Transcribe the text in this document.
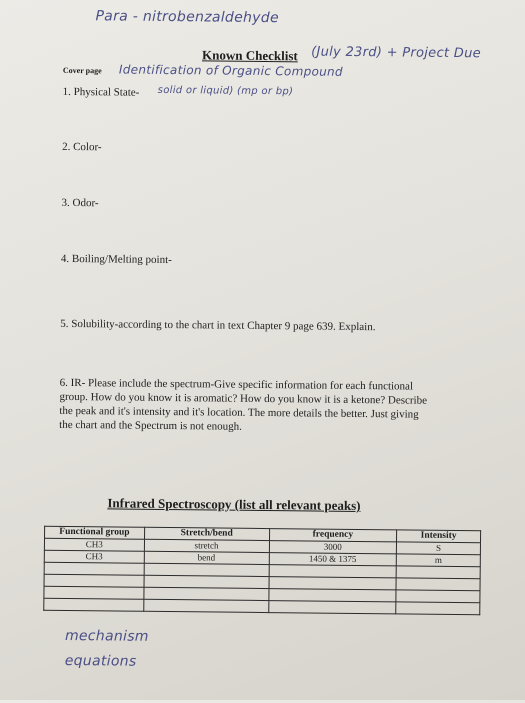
Para - nitrobenzaldehyde
Known Checklist (July 23rd) + Project Due
Cover page Identification of Organic Compound
1. Physical State- solid or liquid) (mp or bp)
2. Color-
3. Odor-
4. Boiling/Melting point-
5. Solubility-according to the chart in text Chapter 9 page 639. Explain.
6. IR- Please include the spectrum-Give specific information for each functional group. How do you know it is aromatic? How do you know it is a ketone? Describe the peak and it's intensity and it's location. The more details the better. Just giving the chart and the Spectrum is not enough.
Infrared Spectroscopy (list all relevant peaks)
Functional group	Stretch/bend	frequency	Intensity
CH3	stretch	3000	S
CH3	bend	1450 & 1375	m

mechanism
equations
